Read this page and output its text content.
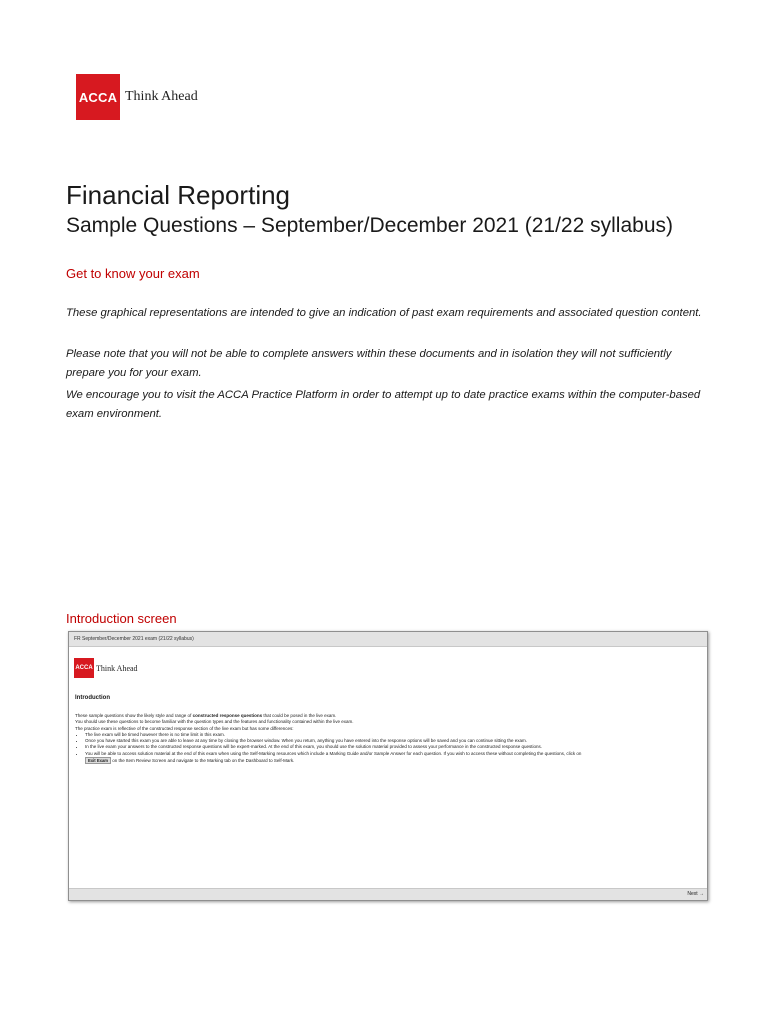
ACCA Think Ahead
Financial Reporting
Sample Questions – September/December 2021 (21/22 syllabus)
Get to know your exam

These graphical representations are intended to give an indication of past exam requirements and associated question content.

Please note that you will not be able to complete answers within these documents and in isolation they will not sufficiently prepare you for your exam.

We encourage you to visit the ACCA Practice Platform in order to attempt up to date practice exams within the computer-based exam environment.

Introduction screen
FR September/December 2021 exam (21/22 syllabus)
ACCA Think Ahead
Introduction

These sample questions show the likely style and range of constructed response questions that could be posed in the live exam.

You should use these questions to become familiar with the question types and the features and functionality contained within the live exam.

The practice exam is reflective of the constructed response section of the live exam but has some differences:

• The live exam will be timed however there is no time limit in this exam.
• Once you have started this exam you are able to leave at any time by closing the browser window. When you return, anything you have entered into the response options will be saved and you can continue sitting the exam.
• In the live exam your answers to the constructed response questions will be expert-marked. At the end of this exam, you should use the solution material provided to assess your performance in the constructed response questions.
• You will be able to access solution material at the end of this exam when using the Self-Marking resources which include a Marking Guide and/or Sample Answer for each question. If you wish to access these without completing the questions, click on

Exit Exam on the Item Review Screen and navigate to the Marking tab on the Dashboard to Self-Mark.

Next →
